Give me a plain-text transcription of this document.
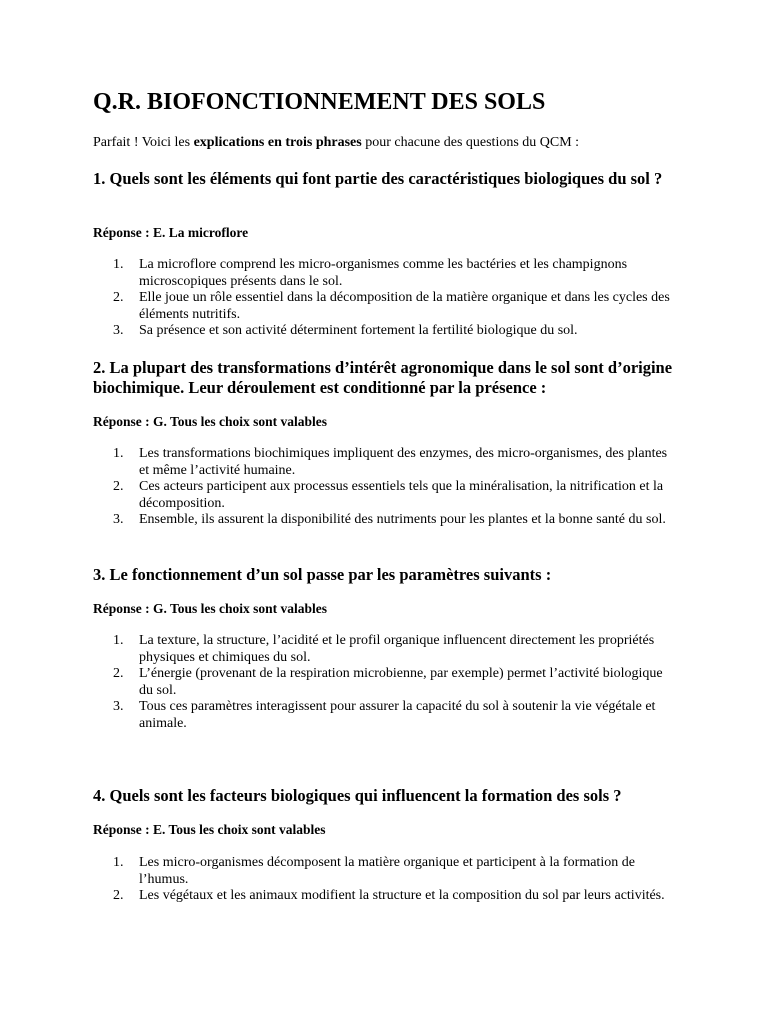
Q.R. BIOFONCTIONNEMENT DES SOLS

Parfait ! Voici les explications en trois phrases pour chacune des questions du QCM :

1. Quels sont les éléments qui font partie des caractéristiques biologiques du sol ?

Réponse : E. La microflore

1. La microflore comprend les micro-organismes comme les bactéries et les champignons microscopiques présents dans le sol.
2. Elle joue un rôle essentiel dans la décomposition de la matière organique et dans les cycles des éléments nutritifs.
3. Sa présence et son activité déterminent fortement la fertilité biologique du sol.
2. La plupart des transformations d’intérêt agronomique dans le sol sont d’origine biochimique. Leur déroulement est conditionné par la présence :

Réponse : G. Tous les choix sont valables

1. Les transformations biochimiques impliquent des enzymes, des micro-organismes, des plantes et même l’activité humaine.
2. Ces acteurs participent aux processus essentiels tels que la minéralisation, la nitrification et la décomposition.
3. Ensemble, ils assurent la disponibilité des nutriments pour les plantes et la bonne santé du sol.
3. Le fonctionnement d’un sol passe par les paramètres suivants :

Réponse : G. Tous les choix sont valables

1. La texture, la structure, l’acidité et le profil organique influencent directement les propriétés physiques et chimiques du sol.
2. L’énergie (provenant de la respiration microbienne, par exemple) permet l’activité biologique du sol.
3. Tous ces paramètres interagissent pour assurer la capacité du sol à soutenir la vie végétale et animale.
4. Quels sont les facteurs biologiques qui influencent la formation des sols ?

Réponse : E. Tous les choix sont valables

1. Les micro-organismes décomposent la matière organique et participent à la formation de l’humus.
2. Les végétaux et les animaux modifient la structure et la composition du sol par leurs activités.
